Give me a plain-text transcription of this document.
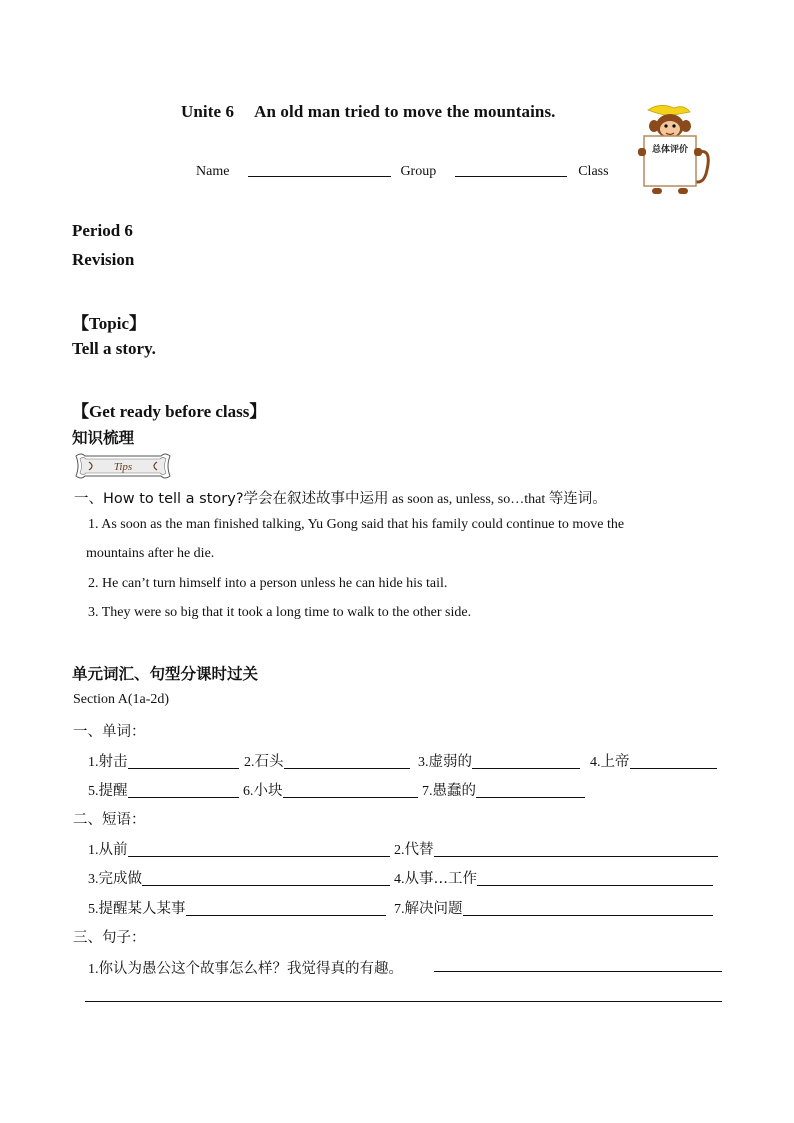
Unite 6 An old man tried to move the mountains.
Name	Group	Class
总体评价
Period 6
Revision
【Topic】
Tell a story.
【Get ready before class】
知识梳理
Tips
一、How to tell a story?学会在叙述故事中运用 as soon as, unless, so…that 等连词。
1. As soon as the man finished talking, Yu Gong said that his family could continue to move the
mountains after he die.
2. He can’t turn himself into a person unless he can hide his tail.
3. They were so big that it took a long time to walk to the other side.
单元词汇、句型分课时过关
Section A(1a-2d)
一、单词：
1.射击	2.石头	3.虚弱的	4.上帝
5.提醒	6.小块	7.愚蠢的
二、短语：
1.从前	2.代替
3.完成做	4.从事…工作
5.提醒某人某事	7.解决问题
三、句子：
1.你认为愚公这个故事怎么样？我觉得真的有趣。
